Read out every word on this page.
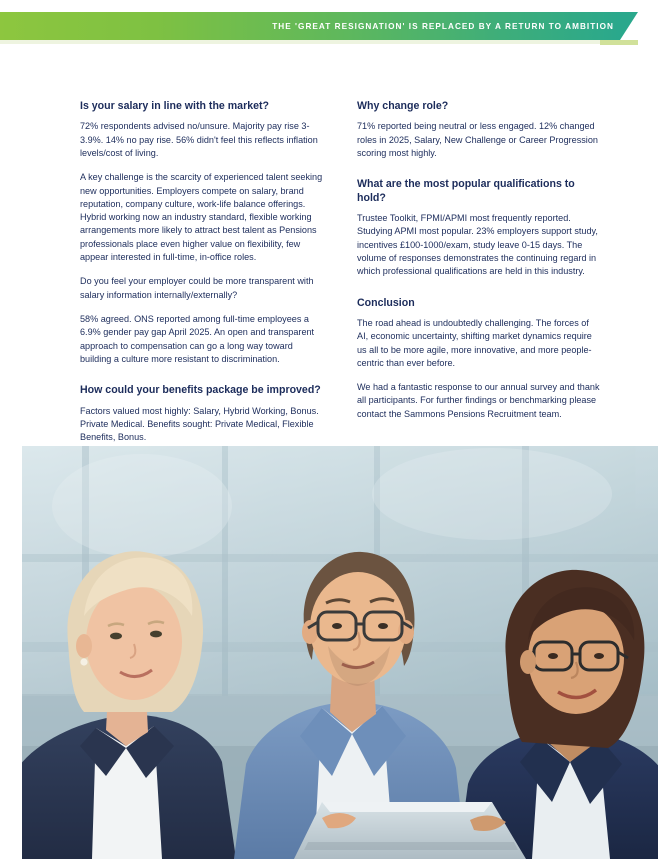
THE 'GREAT RESIGNATION' IS REPLACED BY A RETURN TO AMBITION
Is your salary in line with the market?

72% respondents advised no/unsure. Majority pay rise 3-3.9%. 14% no pay rise. 56% didn't feel this reflects inflation levels/cost of living.

A key challenge is the scarcity of experienced talent seeking new opportunities. Employers compete on salary, brand reputation, company culture, work-life balance offerings. Hybrid working now an industry standard, flexible working arrangements more likely to attract best talent as Pensions professionals place even higher value on flexibility, few appear interested in full-time, in-office roles.

Do you feel your employer could be more transparent with salary information internally/externally?

58% agreed. ONS reported among full-time employees a 6.9% gender pay gap April 2025. An open and transparent approach to compensation can go a long way toward building a culture more resistant to discrimination.

How could your benefits package be improved?

Factors valued most highly: Salary, Hybrid Working, Bonus. Private Medical. Benefits sought: Private Medical, Flexible Benefits, Bonus.

Why change role?

71% reported being neutral or less engaged. 12% changed roles in 2025, Salary, New Challenge or Career Progression scoring most highly.

What are the most popular qualifications to hold?

Trustee Toolkit, FPMI/APMI most frequently reported. Studying APMI most popular. 23% employers support study, incentives £100-1000/exam, study leave 0-15 days. The volume of responses demonstrates the continuing regard in which professional qualifications are held in this industry.

Conclusion

The road ahead is undoubtedly challenging. The forces of AI, economic uncertainty, shifting market dynamics require us all to be more agile, more innovative, and more people-centric than ever before.

We had a fantastic response to our annual survey and thank all participants. For further findings or benchmarking please contact the Sammons Pensions Recruitment team.
